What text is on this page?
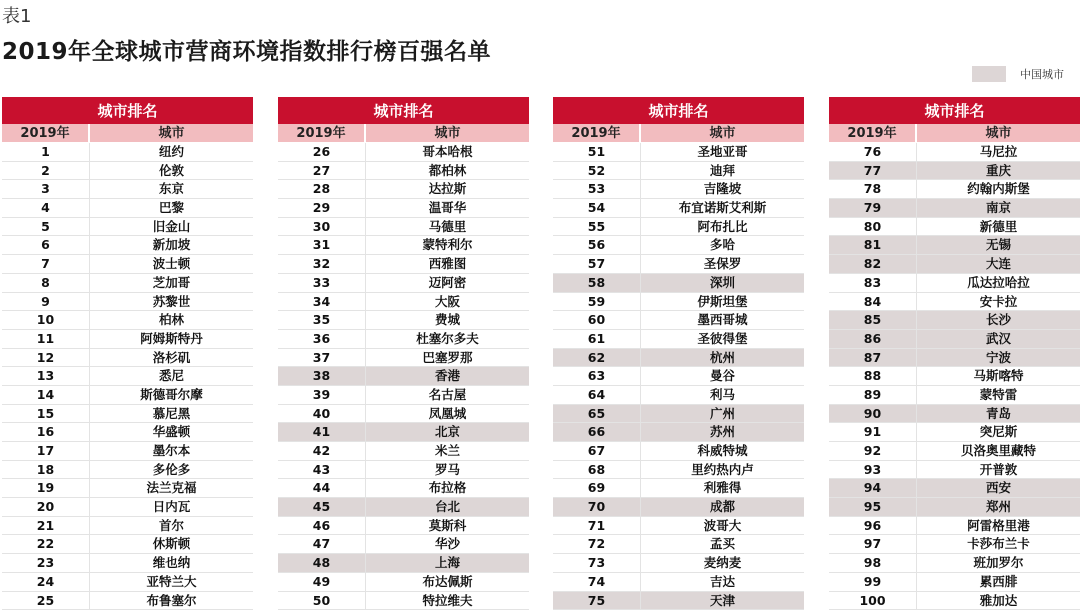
表1
2019年全球城市营商环境指数排行榜百强名单
中国城市
城市排名
2019年	城市
1	纽约
2	伦敦
3	东京
4	巴黎
5	旧金山
6	新加坡
7	波士顿
8	芝加哥
9	苏黎世
10	柏林
11	阿姆斯特丹
12	洛杉矶
13	悉尼
14	斯德哥尔摩
15	慕尼黑
16	华盛顿
17	墨尔本
18	多伦多
19	法兰克福
20	日内瓦
21	首尔
22	休斯顿
23	维也纳
24	亚特兰大
25	布鲁塞尔
城市排名
2019年	城市
26	哥本哈根
27	都柏林
28	达拉斯
29	温哥华
30	马德里
31	蒙特利尔
32	西雅图
33	迈阿密
34	大阪
35	费城
36	杜塞尔多夫
37	巴塞罗那
38	香港
39	名古屋
40	凤凰城
41	北京
42	米兰
43	罗马
44	布拉格
45	台北
46	莫斯科
47	华沙
48	上海
49	布达佩斯
50	特拉维夫
城市排名
2019年	城市
51	圣地亚哥
52	迪拜
53	吉隆坡
54	布宜诺斯艾利斯
55	阿布扎比
56	多哈
57	圣保罗
58	深圳
59	伊斯坦堡
60	墨西哥城
61	圣彼得堡
62	杭州
63	曼谷
64	利马
65	广州
66	苏州
67	科威特城
68	里约热内卢
69	利雅得
70	成都
71	波哥大
72	孟买
73	麦纳麦
74	吉达
75	天津
城市排名
2019年	城市
76	马尼拉
77	重庆
78	约翰内斯堡
79	南京
80	新德里
81	无锡
82	大连
83	瓜达拉哈拉
84	安卡拉
85	长沙
86	武汉
87	宁波
88	马斯喀特
89	蒙特雷
90	青岛
91	突尼斯
92	贝洛奥里藏特
93	开普敦
94	西安
95	郑州
96	阿雷格里港
97	卡莎布兰卡
98	班加罗尔
99	累西腓
100	雅加达
